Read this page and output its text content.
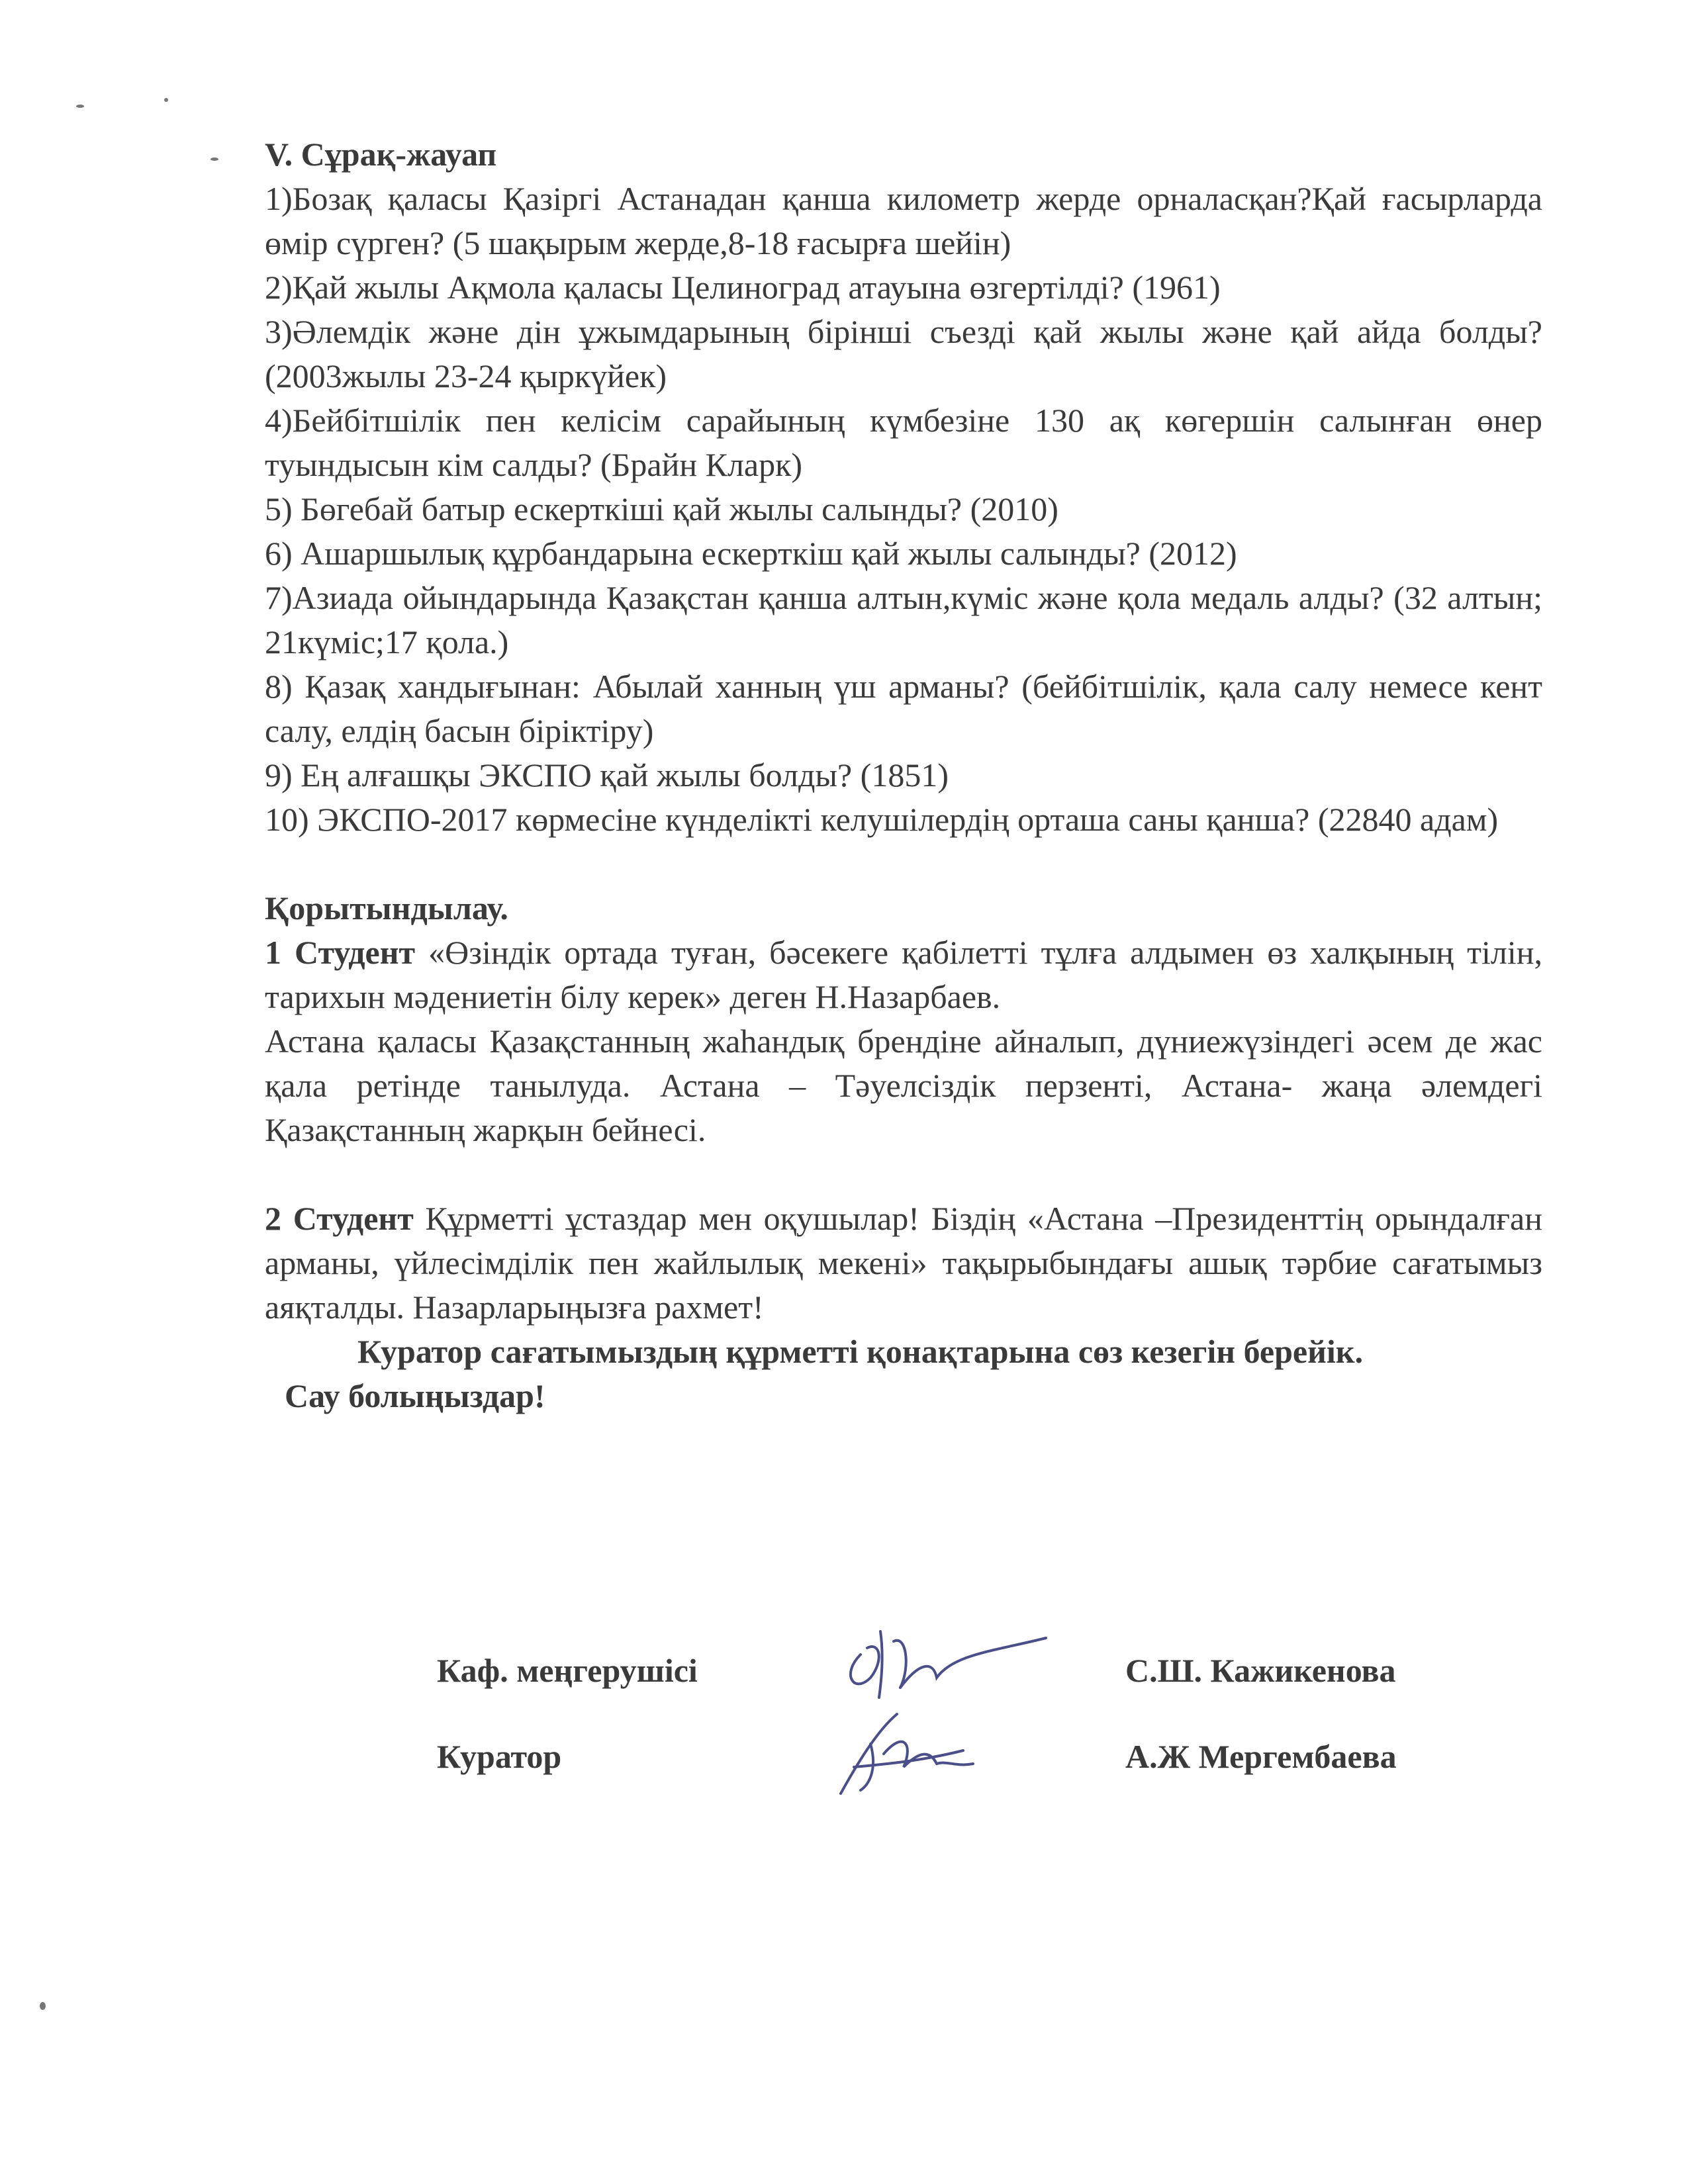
V. Сұрақ-жауап

1)Бозақ қаласы Қазіргі Астанадан қанша километр жерде орналасқан?Қай ғасырларда өмір сүрген? (5 шақырым жерде,8-18 ғасырға шейін)

2)Қай жылы Ақмола қаласы Целиноград атауына өзгертілді? (1961)

3)Әлемдік және дін ұжымдарының бірінші съезді қай жылы және қай айда болды? (2003жылы 23-24 қыркүйек)

4)Бейбітшілік пен келісім сарайының күмбезіне 130 ақ көгершін салынған өнер туындысын кім салды? (Брайн Кларк)

5) Бөгебай батыр ескерткіші қай жылы салынды? (2010)

6) Ашаршылық құрбандарына ескерткіш қай жылы салынды? (2012)

7)Азиада ойындарында Қазақстан қанша алтын,күміс және қола медаль алды? (32 алтын; 21күміс;17 қола.)

8) Қазақ хандығынан: Абылай ханның үш арманы? (бейбітшілік, қала салу немесе кент салу, елдің басын біріктіру)

9) Ең алғашқы ЭКСПО қай жылы болды? (1851)

10) ЭКСПО-2017 көрмесіне күнделікті келушілердің орташа саны қанша? (22840 адам)

Қорытындылау.

1 Студент «Өзіндік ортада туған, бәсекеге қабілетті тұлға алдымен өз халқының тілін, тарихын мәдениетін білу керек» деген Н.Назарбаев.

Астана қаласы Қазақстанның жаһандық брендіне айналып, дүниежүзіндегі әсем де жас қала ретінде танылуда. Астана – Тәуелсіздік перзенті, Астана- жаңа әлемдегі Қазақстанның жарқын бейнесі.

2 Студент Құрметті ұстаздар мен оқушылар! Біздің «Астана –Президенттің орындалған арманы, үйлесімділік пен жайлылық мекені» тақырыбындағы ашық тәрбие сағатымыз аяқталды. Назарларыңызға рахмет!

Куратор сағатымыздың құрметті қонақтарына сөз кезегін берейік.
Сау болыңыздар!

Каф. меңгерушісі	С.Ш. Кажикенова
Куратор	А.Ж Мергембаева
